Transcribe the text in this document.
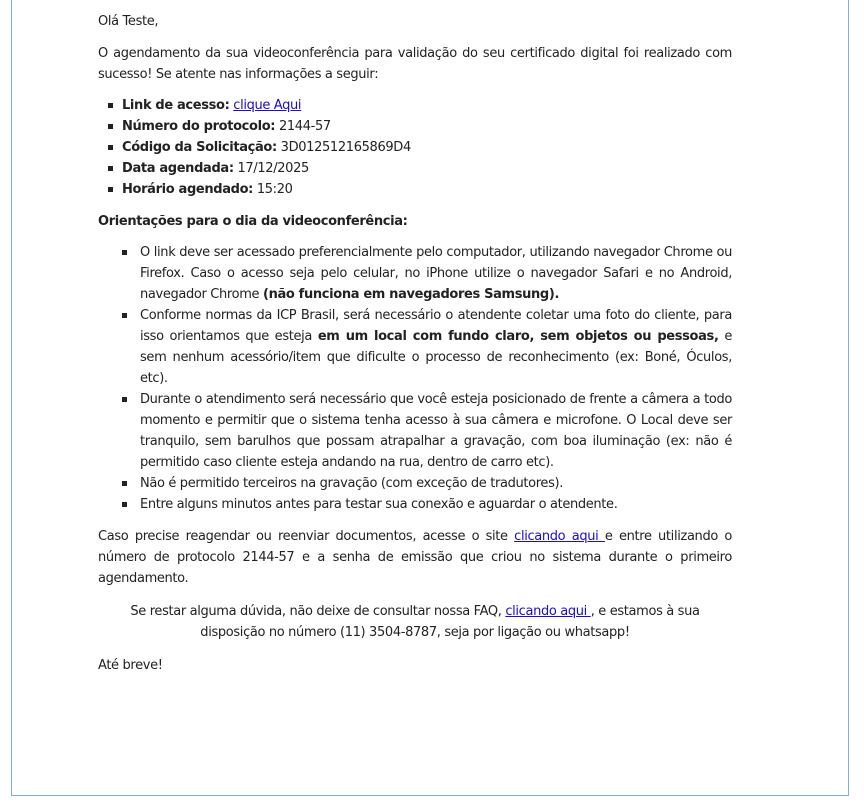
Olá Teste,

O agendamento da sua videoconferência para validação do seu certificado digital foi realizado com sucesso! Se atente nas informações a seguir:

Link de acesso: clique Aqui
Número do protocolo: 2144-57
Código da Solicitação: 3D012512165869D4
Data agendada: 17/12/2025
Horário agendado: 15:20

Orientações para o dia da videoconferência:

O link deve ser acessado preferencialmente pelo computador, utilizando navegador Chrome ou Firefox. Caso o acesso seja pelo celular, no iPhone utilize o navegador Safari e no Android, navegador Chrome (não funciona em navegadores Samsung).
Conforme normas da ICP Brasil, será necessário o atendente coletar uma foto do cliente, para isso orientamos que esteja em um local com fundo claro, sem objetos ou pessoas, e sem nenhum acessório/item que dificulte o processo de reconhecimento (ex: Boné, Óculos, etc).
Durante o atendimento será necessário que você esteja posicionado de frente a câmera a todo momento e permitir que o sistema tenha acesso à sua câmera e microfone. O Local deve ser tranquilo, sem barulhos que possam atrapalhar a gravação, com boa iluminação (ex: não é permitido caso cliente esteja andando na rua, dentro de carro etc).
Não é permitido terceiros na gravação (com exceção de tradutores).
Entre alguns minutos antes para testar sua conexão e aguardar o atendente.

Caso precise reagendar ou reenviar documentos, acesse o site clicando aqui e entre utilizando o número de protocolo 2144-57 e a senha de emissão que criou no sistema durante o primeiro agendamento.

Se restar alguma dúvida, não deixe de consultar nossa FAQ, clicando aqui , e estamos à sua disposição no número (11) 3504-8787, seja por ligação ou whatsapp!

Até breve!
